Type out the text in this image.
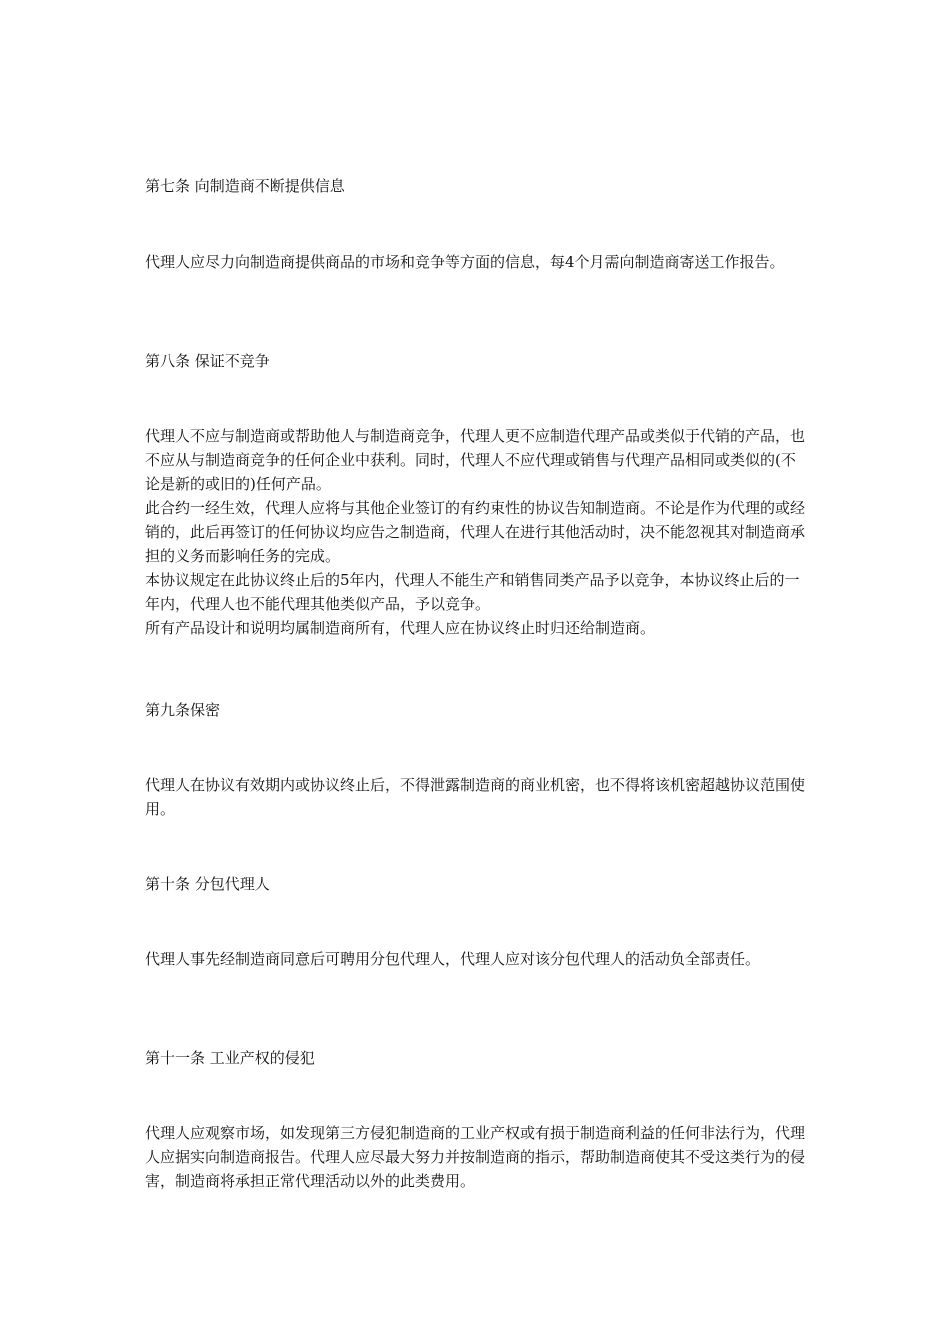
第七条 向制造商不断提供信息

代理人应尽力向制造商提供商品的市场和竞争等方面的信息，每4个月需向制造商寄送工作报告。

第八条 保证不竞争

代理人不应与制造商或帮助他人与制造商竞争，代理人更不应制造代理产品或类似于代销的产品，也不应从与制造商竞争的任何企业中获利。同时，代理人不应代理或销售与代理产品相同或类似的(不论是新的或旧的)任何产品。

此合约一经生效，代理人应将与其他企业签订的有约束性的协议告知制造商。不论是作为代理的或经销的，此后再签订的任何协议均应告之制造商，代理人在进行其他活动时，决不能忽视其对制造商承担的义务而影响任务的完成。

本协议规定在此协议终止后的5年内，代理人不能生产和销售同类产品予以竞争，本协议终止后的一年内，代理人也不能代理其他类似产品，予以竞争。

所有产品设计和说明均属制造商所有，代理人应在协议终止时归还给制造商。

第九条保密

代理人在协议有效期内或协议终止后，不得泄露制造商的商业机密，也不得将该机密超越协议范围使用。

第十条 分包代理人

代理人事先经制造商同意后可聘用分包代理人，代理人应对该分包代理人的活动负全部责任。

第十一条 工业产权的侵犯

代理人应观察市场，如发现第三方侵犯制造商的工业产权或有损于制造商利益的任何非法行为，代理人应据实向制造商报告。代理人应尽最大努力并按制造商的指示，帮助制造商使其不受这类行为的侵害，制造商将承担正常代理活动以外的此类费用。
